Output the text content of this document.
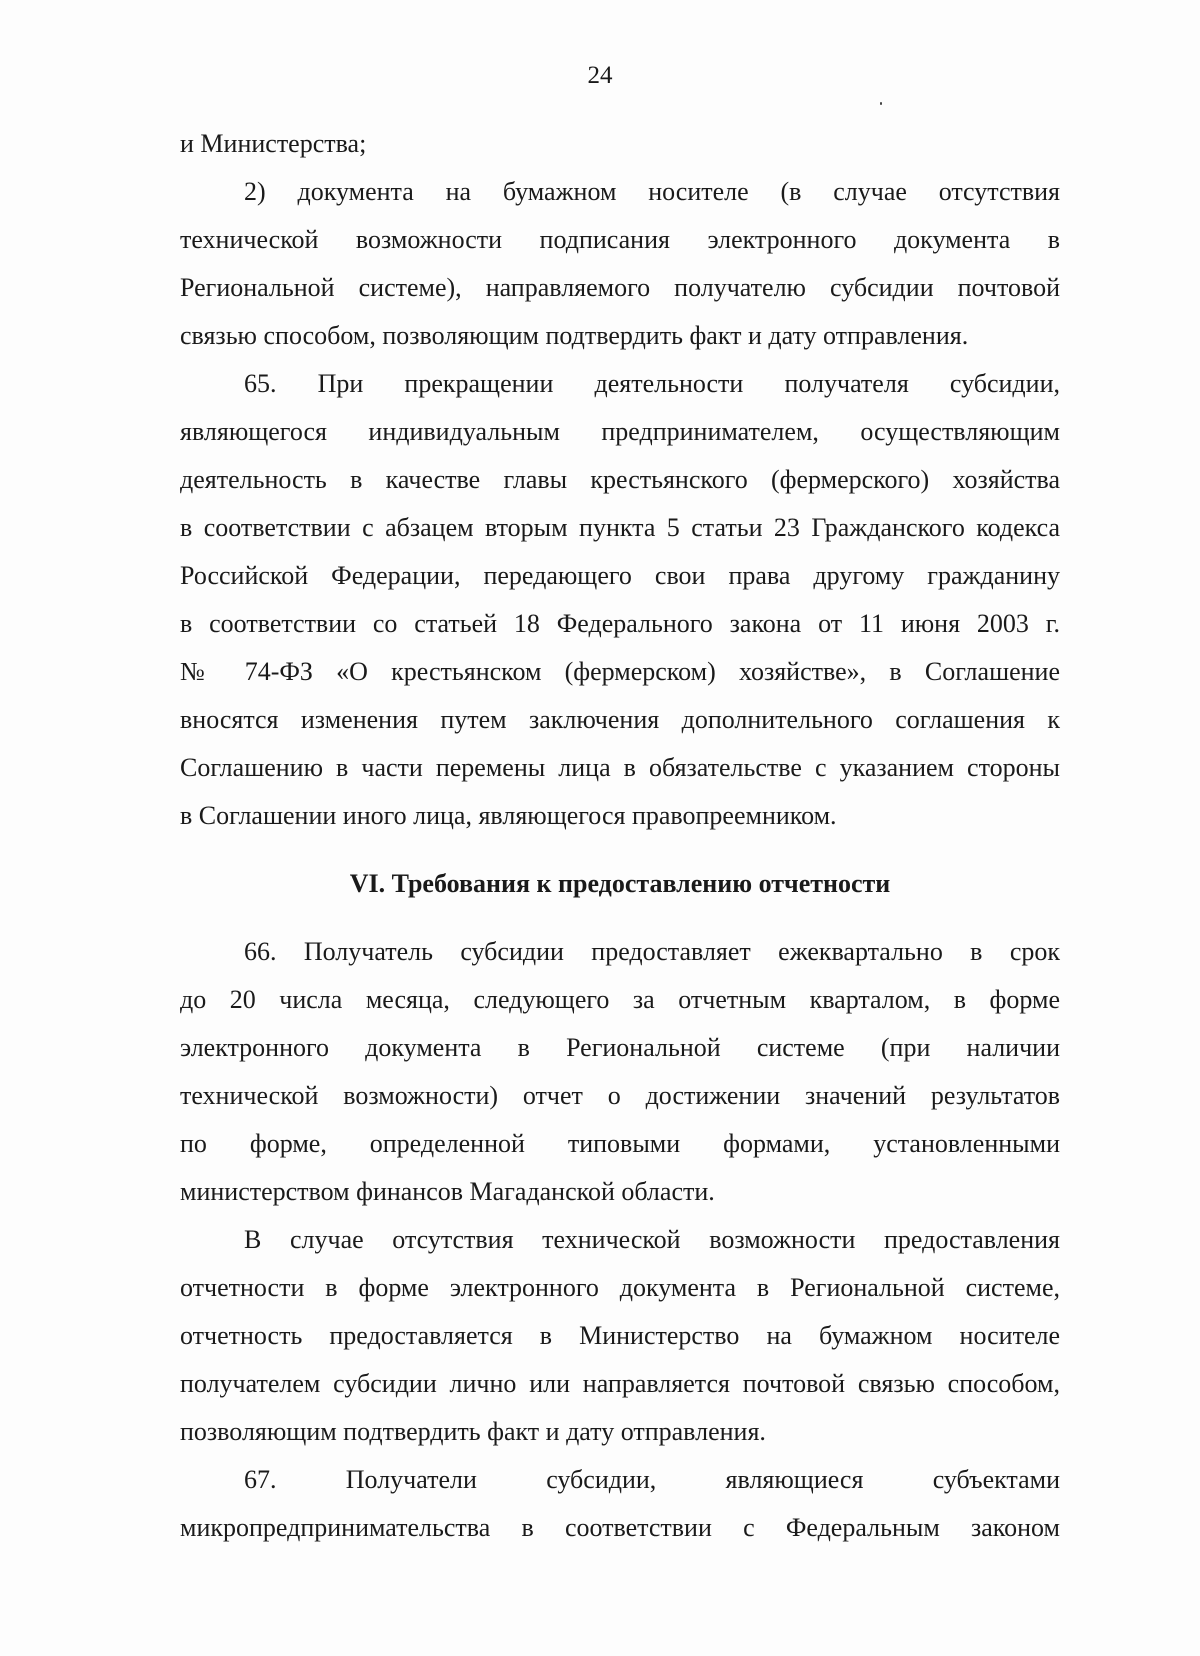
24
и Министерства;
2) документа на бумажном носителе (в случае отсутствия
технической возможности подписания электронного документа в
Региональной системе), направляемого получателю субсидии почтовой
связью способом, позволяющим подтвердить факт и дату отправления.
65. При прекращении деятельности получателя субсидии,
являющегося индивидуальным предпринимателем, осуществляющим
деятельность в качестве главы крестьянского (фермерского) хозяйства
в соответствии с абзацем вторым пункта 5 статьи 23 Гражданского кодекса
Российской Федерации, передающего свои права другому гражданину
в соответствии со статьей 18 Федерального закона от 11 июня 2003 г.
№ 74-ФЗ «О крестьянском (фермерском) хозяйстве», в Соглашение
вносятся изменения путем заключения дополнительного соглашения к
Соглашению в части перемены лица в обязательстве с указанием стороны
в Соглашении иного лица, являющегося правопреемником.
VI. Требования к предоставлению отчетности
66. Получатель субсидии предоставляет ежеквартально в срок
до 20 числа месяца, следующего за отчетным кварталом, в форме
электронного документа в Региональной системе (при наличии
технической возможности) отчет о достижении значений результатов
по форме, определенной типовыми формами, установленными
министерством финансов Магаданской области.
В случае отсутствия технической возможности предоставления
отчетности в форме электронного документа в Региональной системе,
отчетность предоставляется в Министерство на бумажном носителе
получателем субсидии лично или направляется почтовой связью способом,
позволяющим подтвердить факт и дату отправления.
67. Получатели субсидии, являющиеся субъектами
микропредпринимательства в соответствии с Федеральным законом
